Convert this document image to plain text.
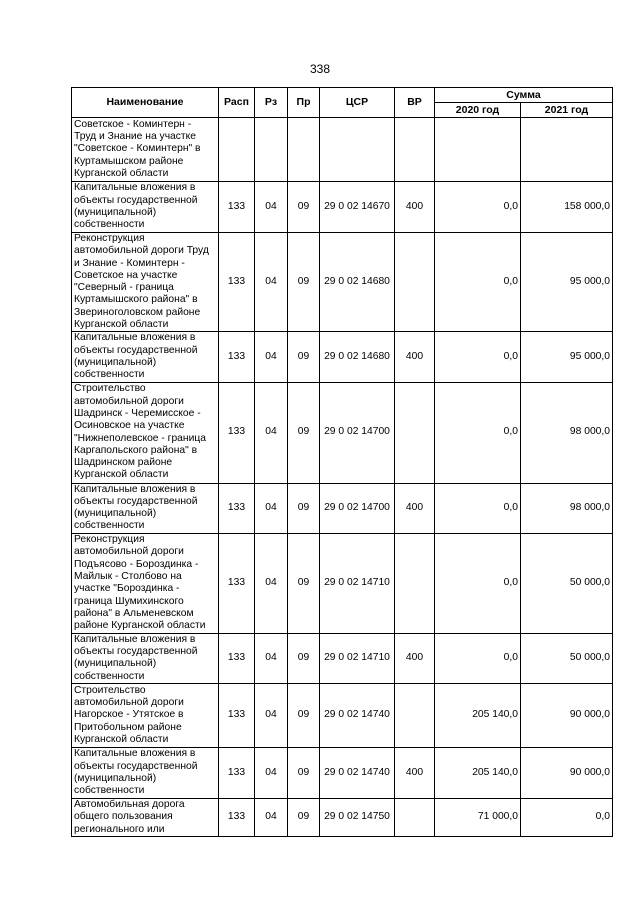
338
Наименование	Расп	Рз	Пр	ЦСР	ВР	Сумма	
						2020 год	2021 год
Советское - Коминтерн - Труд и Знание на участке "Советское - Коминтерн" в Куртамышском районе Курганской области							
Капитальные вложения в объекты государственной (муниципальной) собственности	133	04	09	29 0 02 14670	400	0,0	158 000,0
Реконструкция автомобильной дороги Труд и Знание - Коминтерн - Советское на участке "Северный - граница Куртамышского района" в Звериноголовском районе Курганской области	133	04	09	29 0 02 14680		0,0	95 000,0
Капитальные вложения в объекты государственной (муниципальной) собственности	133	04	09	29 0 02 14680	400	0,0	95 000,0
Строительство автомобильной дороги Шадринск - Черемисское - Осиновское на участке "Нижнеполевское - граница Каргапольского района" в Шадринском районе Курганской области	133	04	09	29 0 02 14700		0,0	98 000,0
Капитальные вложения в объекты государственной (муниципальной) собственности	133	04	09	29 0 02 14700	400	0,0	98 000,0
Реконструкция автомобильной дороги Подъясово - Бороздинка - Майлык - Столбово на участке "Бороздинка - граница Шумихинского района" в Альменевском районе Курганской области	133	04	09	29 0 02 14710		0,0	50 000,0
Капитальные вложения в объекты государственной (муниципальной) собственности	133	04	09	29 0 02 14710	400	0,0	50 000,0
Строительство автомобильной дороги Нагорское - Утятское в Притобольном районе Курганской области	133	04	09	29 0 02 14740		205 140,0	90 000,0
Капитальные вложения в объекты государственной (муниципальной) собственности	133	04	09	29 0 02 14740	400	205 140,0	90 000,0
Автомобильная дорога общего пользования регионального или	133	04	09	29 0 02 14750		71 000,0	0,0
